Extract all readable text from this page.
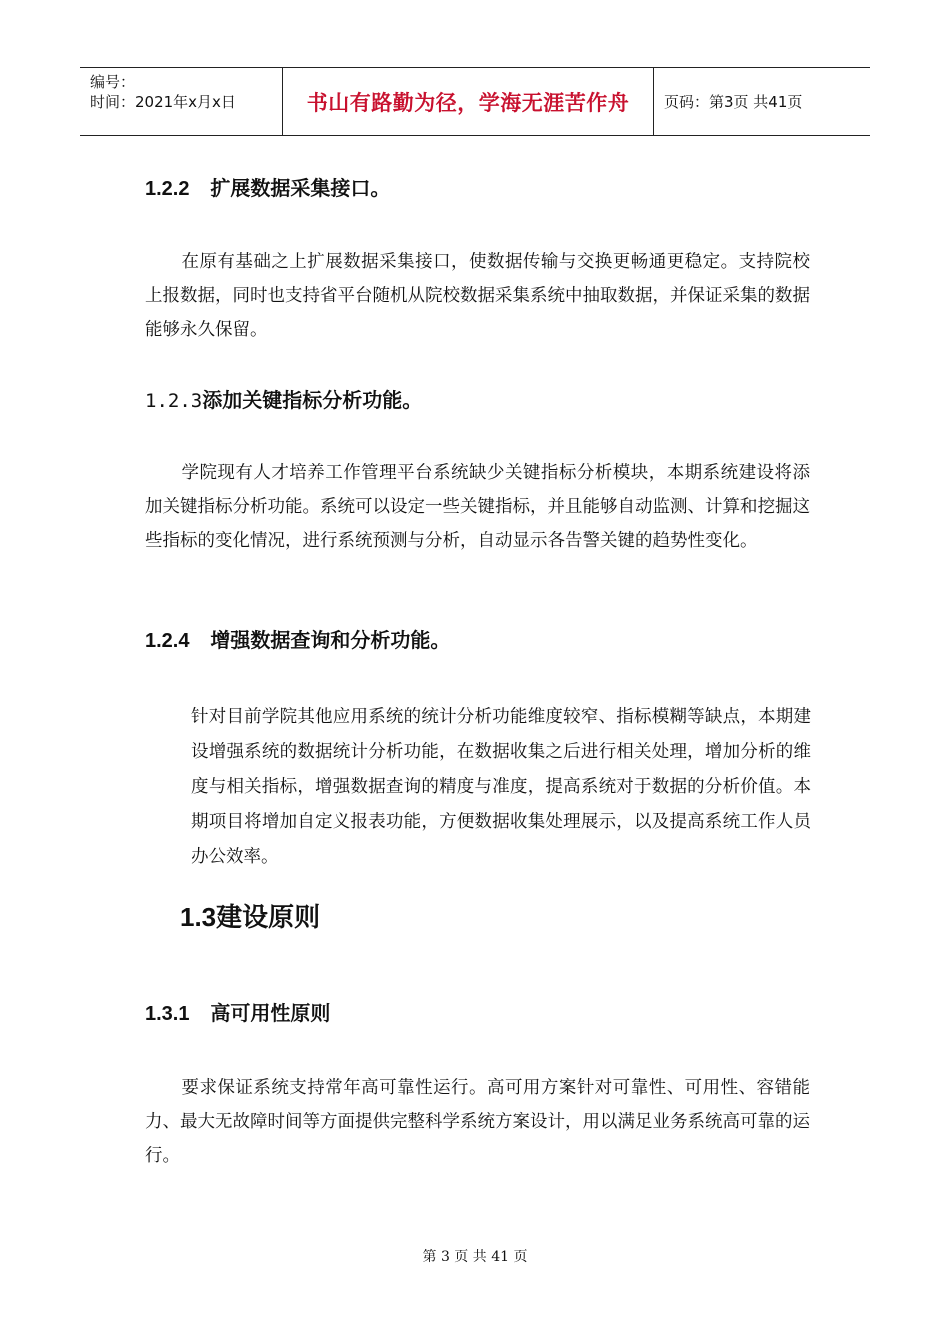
编号：
时间：2021年x月x日	书山有路勤为径，学海无涯苦作舟	页码：第3页 共41页
1.2.2 扩展数据采集接口。
在原有基础之上扩展数据采集接口，使数据传输与交换更畅通更稳定。支持院校上报数据，同时也支持省平台随机从院校数据采集系统中抽取数据，并保证采集的数据能够永久保留。
1.2.3添加关键指标分析功能。
学院现有人才培养工作管理平台系统缺少关键指标分析模块，本期系统建设将添加关键指标分析功能。系统可以设定一些关键指标，并且能够自动监测、计算和挖掘这些指标的变化情况，进行系统预测与分析，自动显示各告警关键的趋势性变化。
1.2.4 增强数据查询和分析功能。
针对目前学院其他应用系统的统计分析功能维度较窄、指标模糊等缺点，本期建设增强系统的数据统计分析功能，在数据收集之后进行相关处理，增加分析的维度与相关指标，增强数据查询的精度与准度，提高系统对于数据的分析价值。本期项目将增加自定义报表功能，方便数据收集处理展示，以及提高系统工作人员办公效率。
1.3建设原则
1.3.1 高可用性原则
要求保证系统支持常年高可靠性运行。高可用方案针对可靠性、可用性、容错能力、最大无故障时间等方面提供完整科学系统方案设计，用以满足业务系统高可靠的运行。
第 3 页 共 41 页
